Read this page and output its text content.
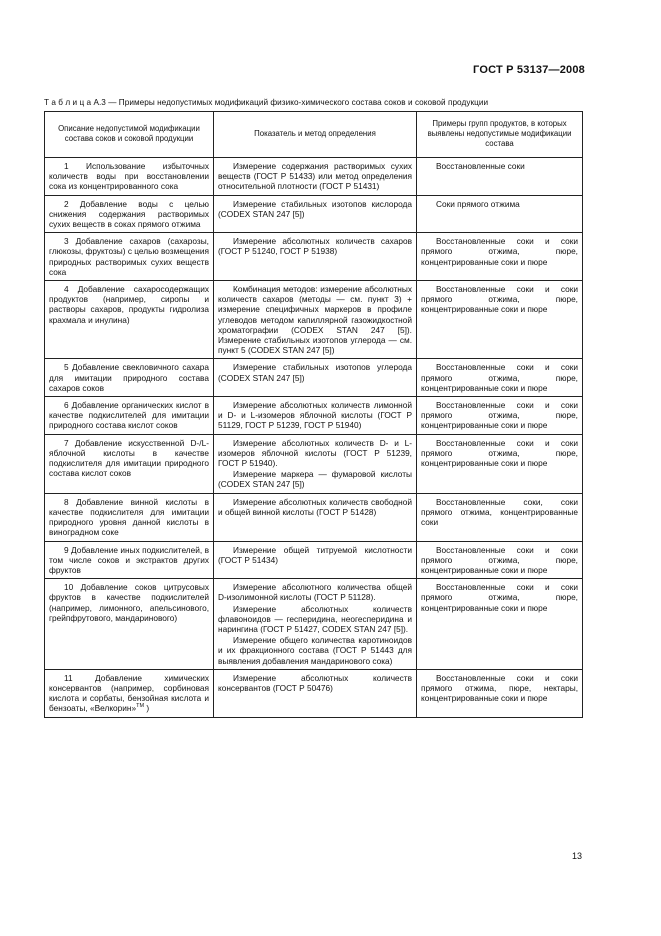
ГОСТ Р 53137—2008
Т а б л и ц а А.3 — Примеры недопустимых модификаций физико-химического состава соков и соковой продукции
Описание недопустимой модификации состава соков и соковой продукции	Показатель и метод определения	Примеры групп продуктов, в которых выявлены недопустимые модификации состава

1 Использование избыточных количеств воды при восстановлении сока из концентрированного сока	Измерение содержания растворимых сухих веществ (ГОСТ Р 51433) или метод определения относительной плотности (ГОСТ Р 51431)	Восстановленные соки

2 Добавление воды с целью снижения содержания растворимых сухих веществ в соках прямого отжима	Измерение стабильных изотопов кислорода (CODEX STAN 247 [5])	Соки прямого отжима

3 Добавление сахаров (сахарозы, глюкозы, фруктозы) с целью возмещения природных растворимых сухих веществ сока	Измерение абсолютных количеств сахаров (ГОСТ Р 51240, ГОСТ Р 51938)	Восстановленные соки и соки прямого отжима, пюре, концентрированные соки и пюре

4 Добавление сахаросодержащих продуктов (например, сиропы и растворы сахаров, продукты гидролиза крахмала и инулина)	Комбинация методов: измерение абсолютных количеств сахаров (методы — см. пункт 3) + измерение специфичных маркеров в профиле углеводов методом капиллярной газожидкостной хроматографии (CODEX STAN 247 [5]). Измерение стабильных изотопов углерода — см. пункт 5 (CODEX STAN 247 [5])	Восстановленные соки и соки прямого отжима, пюре, концентрированные соки и пюре

5 Добавление свекловичного сахара для имитации природного состава сахаров соков	Измерение стабильных изотопов углерода (CODEX STAN 247 [5])	Восстановленные соки и соки прямого отжима, пюре, концентрированные соки и пюре

6 Добавление органических кислот в качестве подкислителей для имитации природного состава кислот соков	Измерение абсолютных количеств лимонной и D- и L-изомеров яблочной кислоты (ГОСТ Р 51129, ГОСТ Р 51239, ГОСТ Р 51940)	Восстановленные соки и соки прямого отжима, пюре, концентрированные соки и пюре

7 Добавление искусственной D-/L-яблочной кислоты в качестве подкислителя для имитации природного состава кислот соков	Измерение абсолютных количеств D- и L-изомеров яблочной кислоты (ГОСТ Р 51239, ГОСТ Р 51940).
Измерение маркера — фумаровой кислоты (CODEX STAN 247 [5])	Восстановленные соки и соки прямого отжима, пюре, концентрированные соки и пюре

8 Добавление винной кислоты в качестве подкислителя для имитации природного уровня данной кислоты в виноградном соке	Измерение абсолютных количеств свободной и общей винной кислоты (ГОСТ Р 51428)	Восстановленные соки, соки прямого отжима, концентрированные соки

9 Добавление иных подкислителей, в том числе соков и экстрактов других фруктов	Измерение общей титруемой кислотности (ГОСТ Р 51434)	Восстановленные соки и соки прямого отжима, пюре, концентрированные соки и пюре

10 Добавление соков цитрусовых фруктов в качестве подкислителей (например, лимонного, апельсинового, грейпфрутового, мандаринового)	Измерение абсолютного количества общей D-изолимонной кислоты (ГОСТ Р 51128).
Измерение абсолютных количеств флавоноидов — гесперидина, неогесперидина и нарингина (ГОСТ Р 51427, CODEX STAN 247 [5]).
Измерение общего количества каротиноидов и их фракционного состава (ГОСТ Р 51443 для выявления добавления мандаринового сока)	Восстановленные соки и соки прямого отжима, пюре, концентрированные соки и пюре

11 Добавление химических консервантов (например, сорбиновая кислота и сорбаты, бензойная кислота и бензоаты, «Велкорин»$^{ТМ}$ )	Измерение абсолютных количеств консервантов (ГОСТ Р 50476)	Восстановленные соки и соки прямого отжима, пюре, нектары, концентрированные соки и пюре
13
